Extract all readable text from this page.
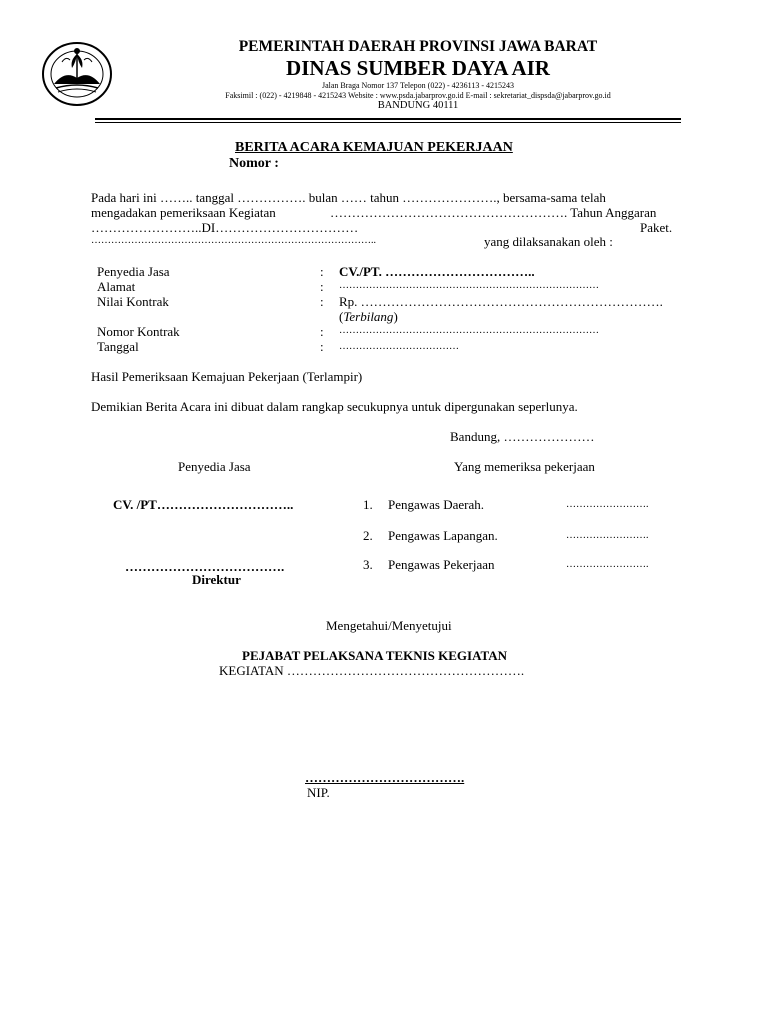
PEMERINTAH DAERAH PROVINSI JAWA BARAT
DINAS SUMBER DAYA AIR
Jalan Braga Nomor 137 Telepon (022) - 4236113 - 4215243
Faksimil : (022) - 4219848 - 4215243 Website : www.psda.jabarprov.go.id E-mail : sekretariat_dispsda@jabarprov.go.id
BANDUNG 40111
BERITA ACARA KEMAJUAN PEKERJAAN
Nomor :
Pada hari ini …….. tanggal ……………. bulan …… tahun …………………., bersama-sama telah
mengadakan pemeriksaan Kegiatan	………………………………………………. Tahun Anggaran
……………………..DI……………………………	Paket.
…………………………………………………………………………..	yang dilaksanakan oleh :
Penyedia Jasa	: CV./PT. ……………………………..
Alamat	: ……………………………………………………………………
Nilai Kontrak	: Rp. …………………………………………………………….
(Terbilang)
Nomor Kontrak	: ……………………………………………………………………
Tanggal	: ………………………………
Hasil Pemeriksaan Kemajuan Pekerjaan (Terlampir)
Demikian Berita Acara ini dibuat dalam rangkap secukupnya untuk dipergunakan seperlunya.
Bandung, …………………
Penyedia Jasa	Yang memeriksa pekerjaan
CV. /PT…………………………..	1. Pengawas Daerah.	…………………….
2. Pengawas Lapangan.	…………………….
3. Pengawas Pekerjaan	…………………….
……………………………….
Direktur
Mengetahui/Menyetujui
PEJABAT PELAKSANA TEKNIS KEGIATAN
KEGIATAN ……………………………………………….
……………………………….
NIP.
